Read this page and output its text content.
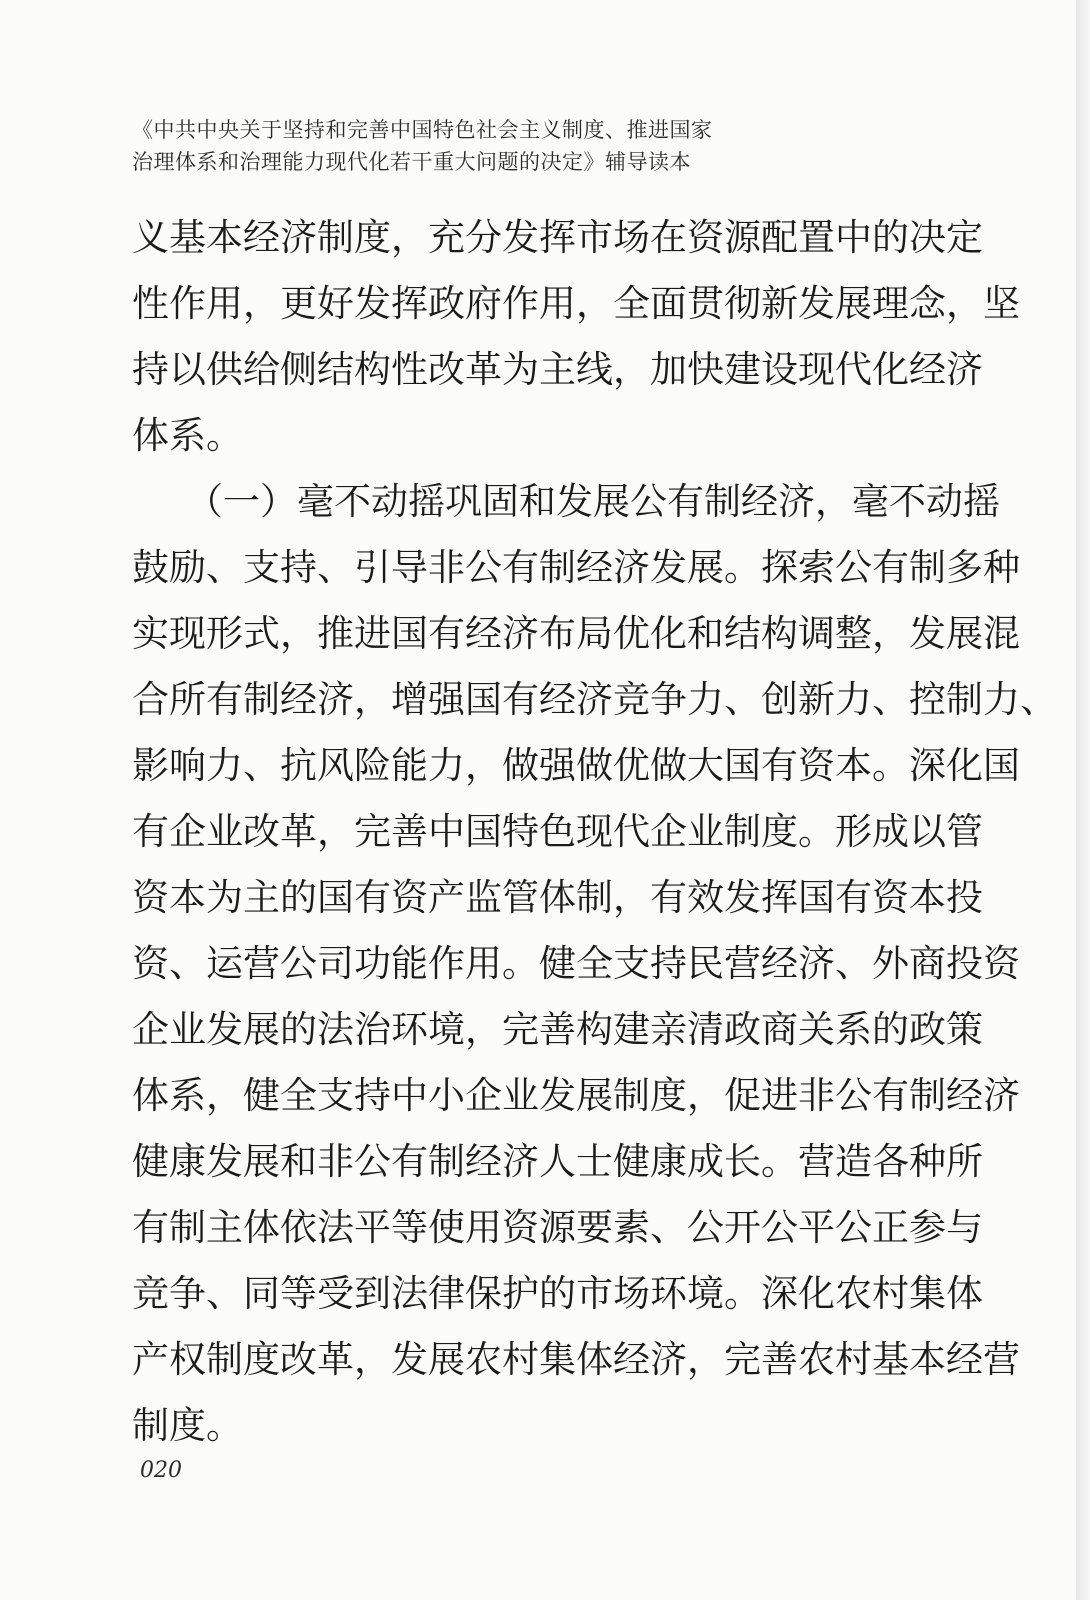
《中共中央关于坚持和完善中国特色社会主义制度、推进国家
治理体系和治理能力现代化若干重大问题的决定》辅导读本
义基本经济制度，充分发挥市场在资源配置中的决定
性作用，更好发挥政府作用，全面贯彻新发展理念，坚
持以供给侧结构性改革为主线，加快建设现代化经济
体系。
（一）毫不动摇巩固和发展公有制经济，毫不动摇
鼓励、支持、引导非公有制经济发展。探索公有制多种
实现形式，推进国有经济布局优化和结构调整，发展混
合所有制经济，增强国有经济竞争力、创新力、控制力、
影响力、抗风险能力，做强做优做大国有资本。深化国
有企业改革，完善中国特色现代企业制度。形成以管
资本为主的国有资产监管体制，有效发挥国有资本投
资、运营公司功能作用。健全支持民营经济、外商投资
企业发展的法治环境，完善构建亲清政商关系的政策
体系，健全支持中小企业发展制度，促进非公有制经济
健康发展和非公有制经济人士健康成长。营造各种所
有制主体依法平等使用资源要素、公开公平公正参与
竞争、同等受到法律保护的市场环境。深化农村集体
产权制度改革，发展农村集体经济，完善农村基本经营
制度。
020
